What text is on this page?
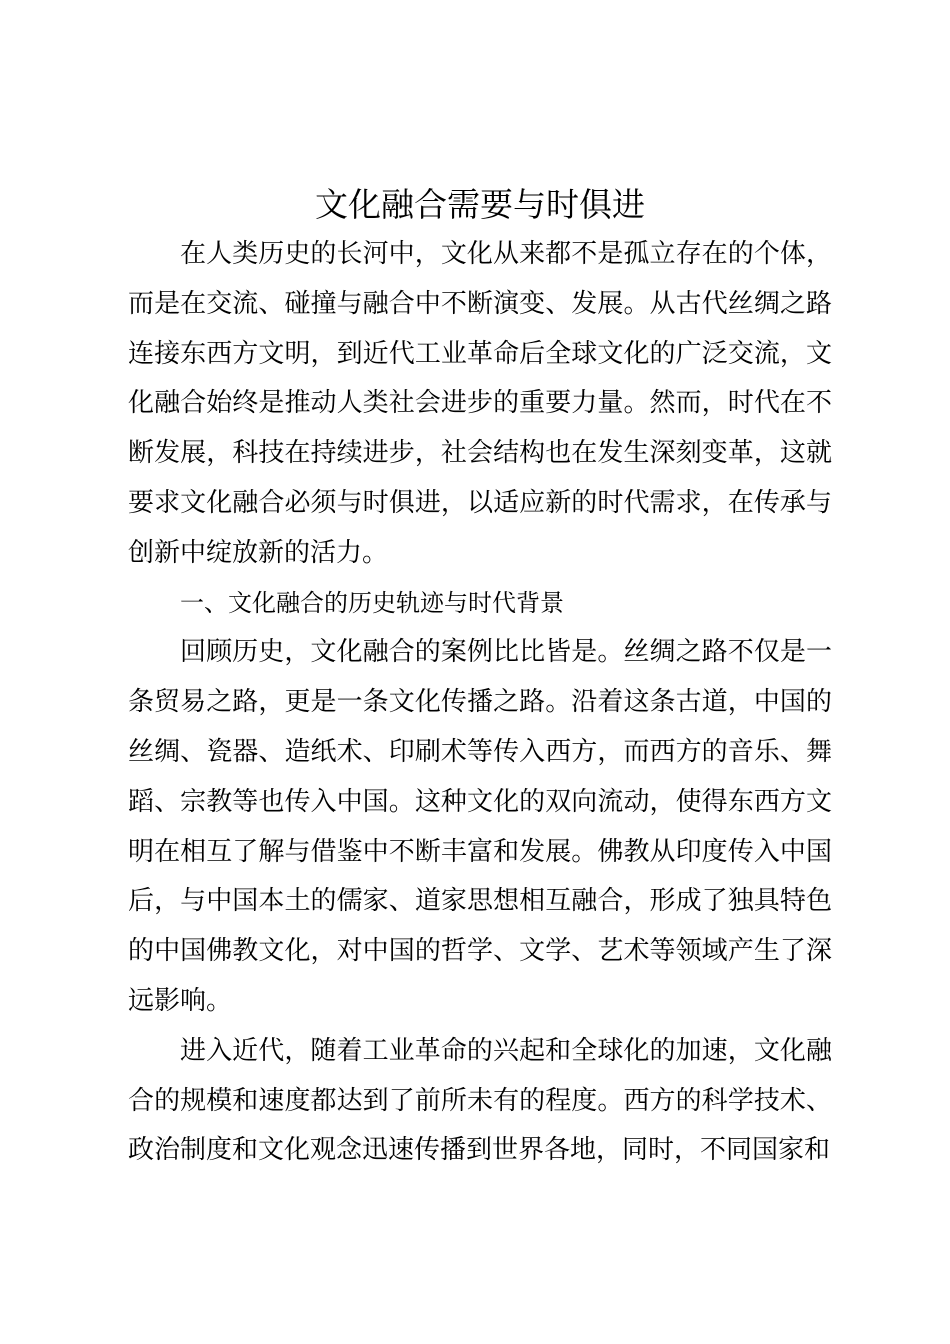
文化融合需要与时俱进

在人类历史的长河中，文化从来都不是孤立存在的个体，而是在交流、碰撞与融合中不断演变、发展。从古代丝绸之路连接东西方文明，到近代工业革命后全球文化的广泛交流，文化融合始终是推动人类社会进步的重要力量。然而，时代在不断发展，科技在持续进步，社会结构也在发生深刻变革，这就要求文化融合必须与时俱进，以适应新的时代需求，在传承与创新中绽放新的活力。

一、文化融合的历史轨迹与时代背景

回顾历史，文化融合的案例比比皆是。丝绸之路不仅是一条贸易之路，更是一条文化传播之路。沿着这条古道，中国的丝绸、瓷器、造纸术、印刷术等传入西方，而西方的音乐、舞蹈、宗教等也传入中国。这种文化的双向流动，使得东西方文明在相互了解与借鉴中不断丰富和发展。佛教从印度传入中国后，与中国本土的儒家、道家思想相互融合，形成了独具特色的中国佛教文化，对中国的哲学、文学、艺术等领域产生了深远影响。

进入近代，随着工业革命的兴起和全球化的加速，文化融合的规模和速度都达到了前所未有的程度。西方的科学技术、政治制度和文化观念迅速传播到世界各地，同时，不同国家和
